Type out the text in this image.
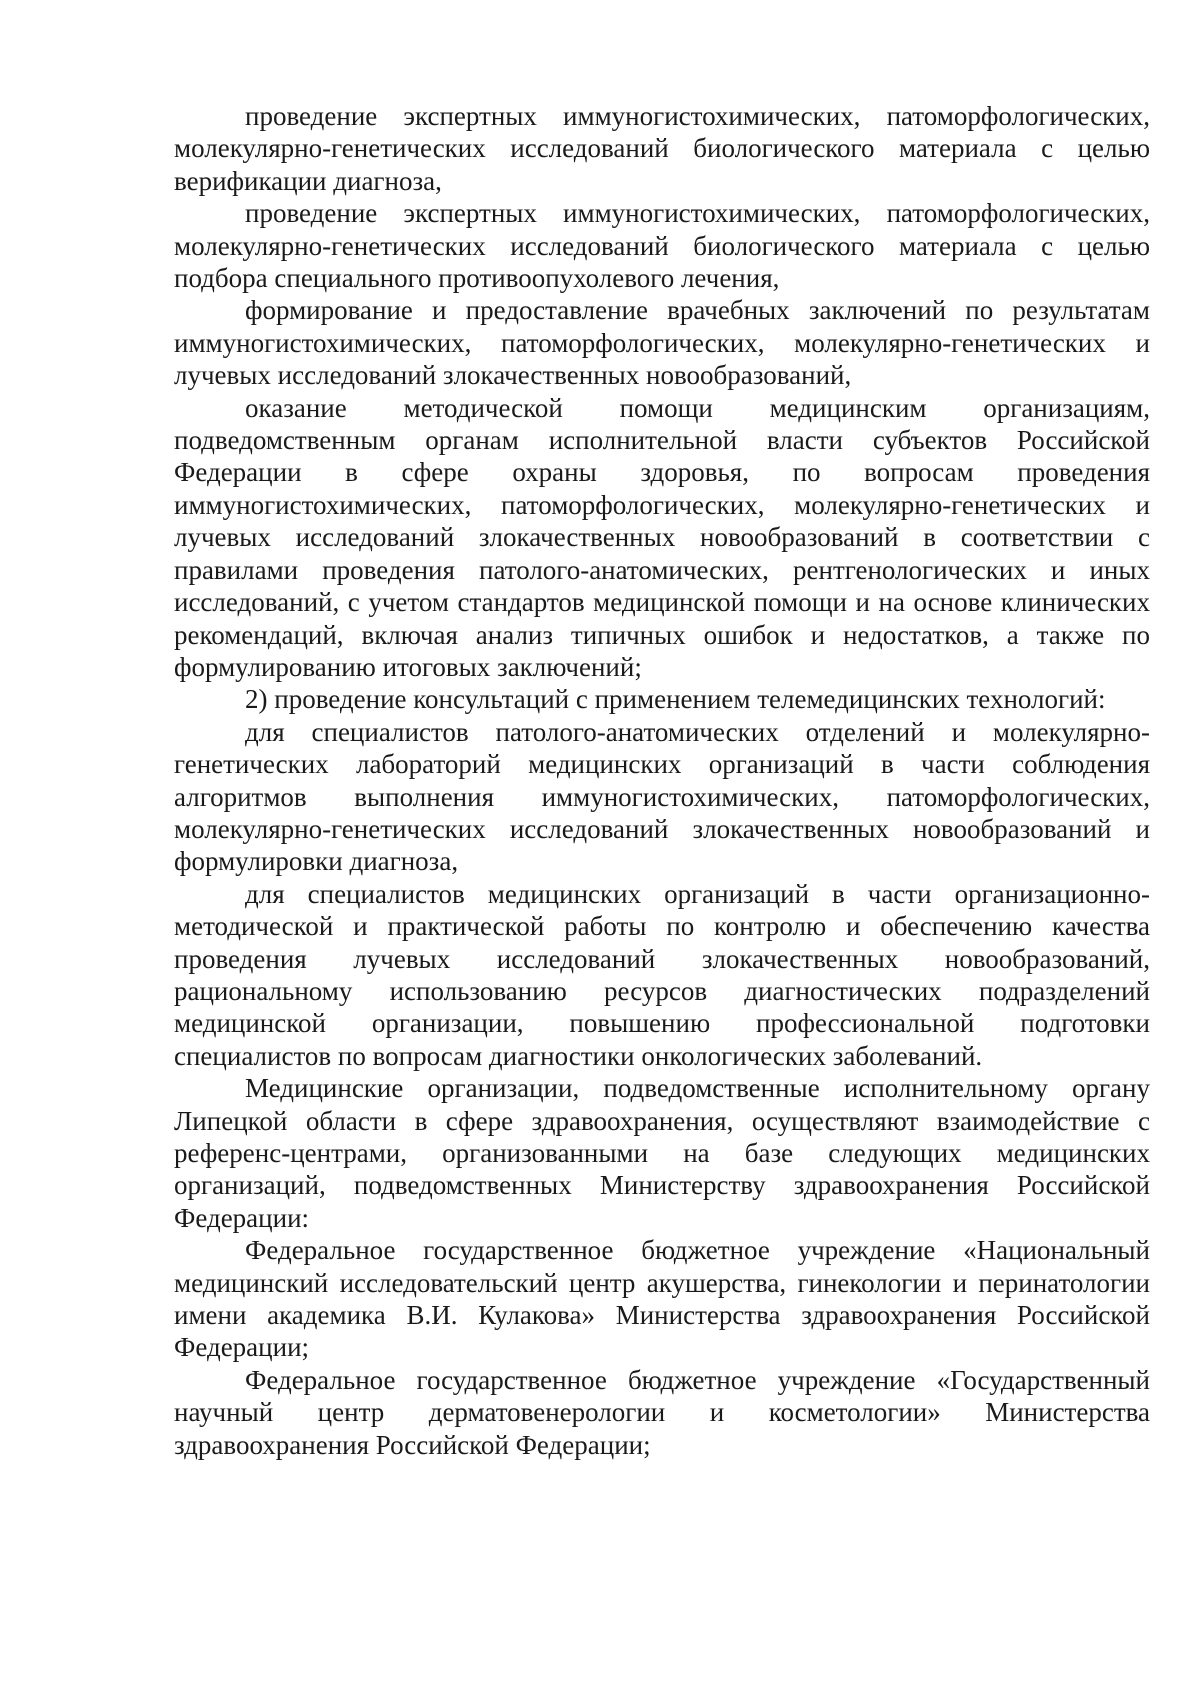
проведение экспертных иммуногистохимических, патоморфологических, молекулярно-генетических исследований биологического материала с целью верификации диагноза,

проведение экспертных иммуногистохимических, патоморфологических, молекулярно-генетических исследований биологического материала с целью подбора специального противоопухолевого лечения,

формирование и предоставление врачебных заключений по результатам иммуногистохимических, патоморфологических, молекулярно-генетических и лучевых исследований злокачественных новообразований,

оказание методической помощи медицинским организациям, подведомственным органам исполнительной власти субъектов Российской Федерации в сфере охраны здоровья, по вопросам проведения иммуногистохимических, патоморфологических, молекулярно-генетических и лучевых исследований злокачественных новообразований в соответствии с правилами проведения патолого-анатомических, рентгенологических и иных исследований, с учетом стандартов медицинской помощи и на основе клинических рекомендаций, включая анализ типичных ошибок и недостатков, а также по формулированию итоговых заключений;

2) проведение консультаций с применением телемедицинских технологий:

для специалистов патолого-анатомических отделений и молекулярно-генетических лабораторий медицинских организаций в части соблюдения алгоритмов выполнения иммуногистохимических, патоморфологических, молекулярно-генетических исследований злокачественных новообразований и формулировки диагноза,

для специалистов медицинских организаций в части организационно-методической и практической работы по контролю и обеспечению качества проведения лучевых исследований злокачественных новообразований, рациональному использованию ресурсов диагностических подразделений медицинской организации, повышению профессиональной подготовки специалистов по вопросам диагностики онкологических заболеваний.

Медицинские организации, подведомственные исполнительному органу Липецкой области в сфере здравоохранения, осуществляют взаимодействие с референс-центрами, организованными на базе следующих медицинских организаций, подведомственных Министерству здравоохранения Российской Федерации:

Федеральное государственное бюджетное учреждение «Национальный медицинский исследовательский центр акушерства, гинекологии и перинатологии имени академика В.И. Кулакова» Министерства здравоохранения Российской Федерации;

Федеральное государственное бюджетное учреждение «Государственный научный центр дерматовенерологии и косметологии» Министерства здравоохранения Российской Федерации;
